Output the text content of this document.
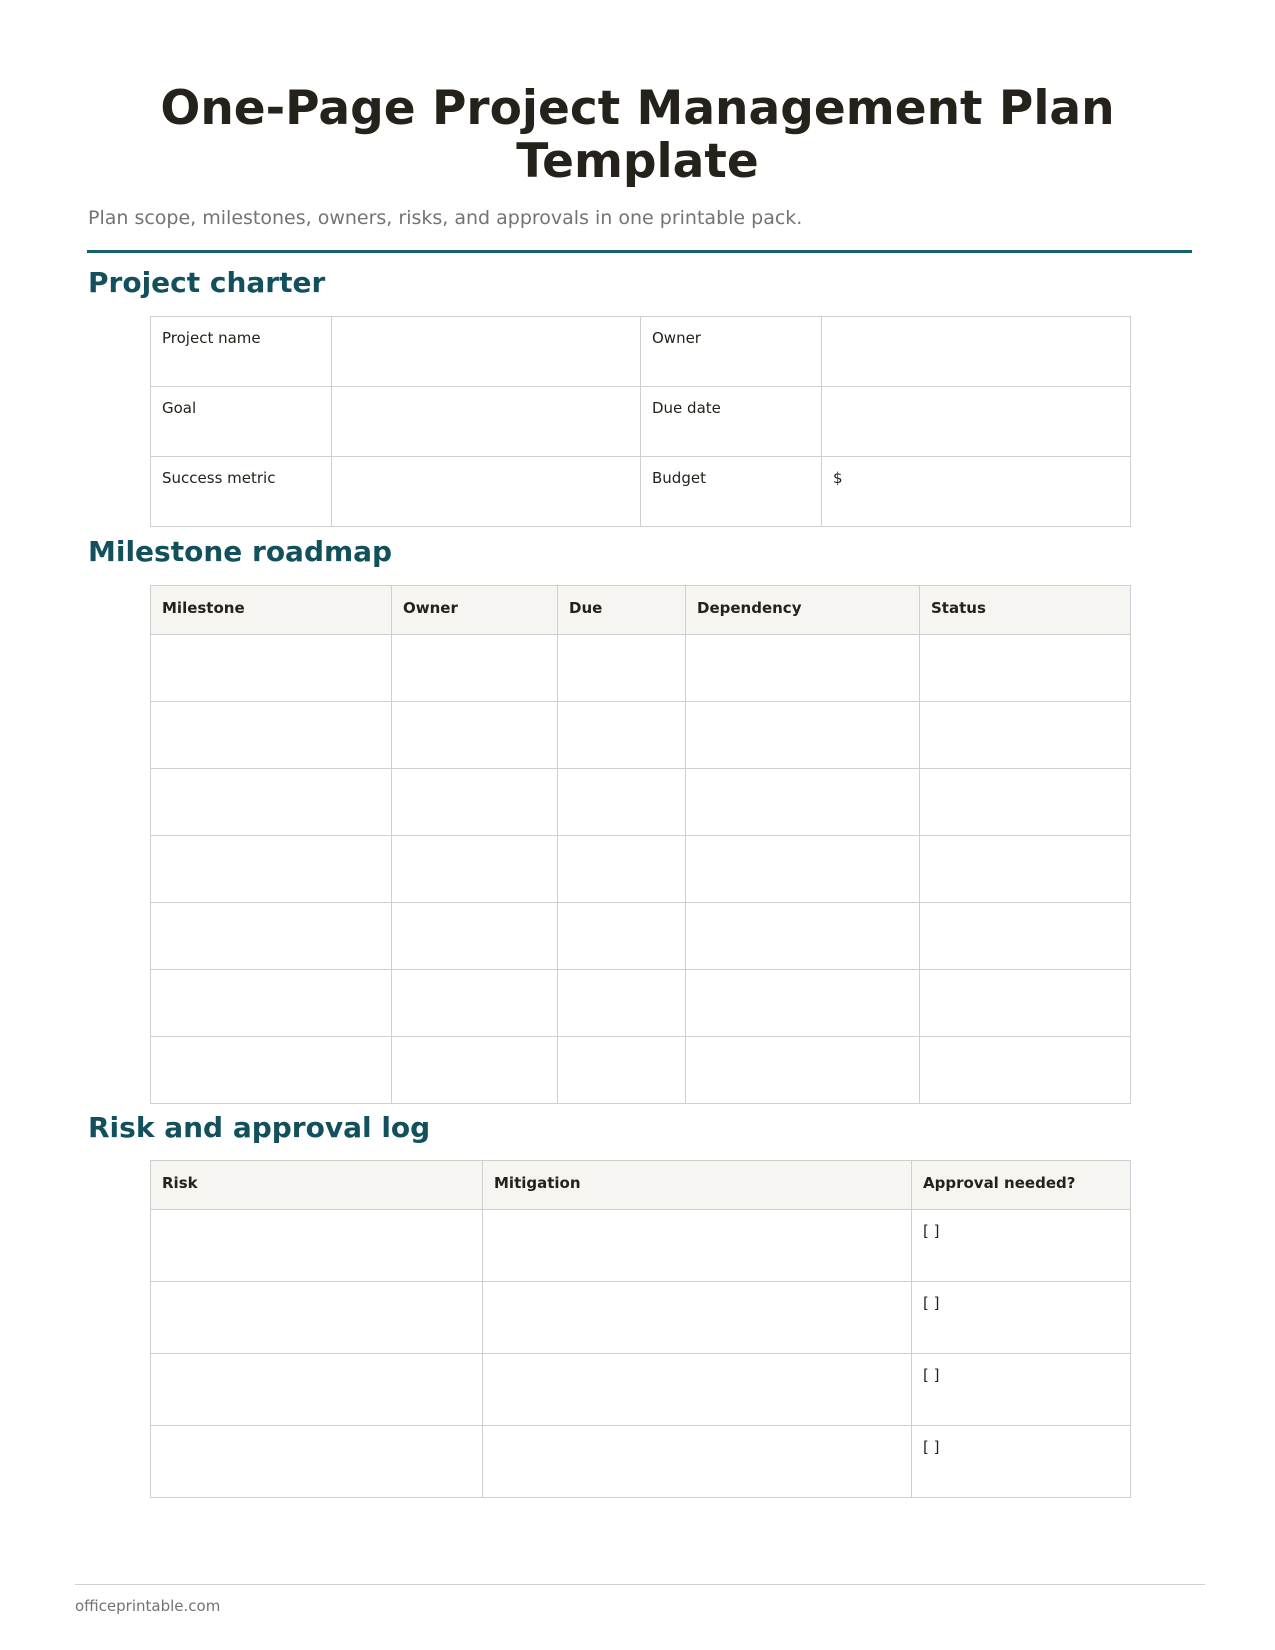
One-Page Project Management Plan Template

Plan scope, milestones, owners, risks, and approvals in one printable pack.

Project charter
Project name		Owner	
Goal		Due date	
Success metric		Budget	$
Milestone roadmap
Milestone	Owner	Due	Dependency	Status

Risk and approval log
Risk	Mitigation	Approval needed?
		[ ]
		[ ]
		[ ]
		[ ]
officeprintable.com
